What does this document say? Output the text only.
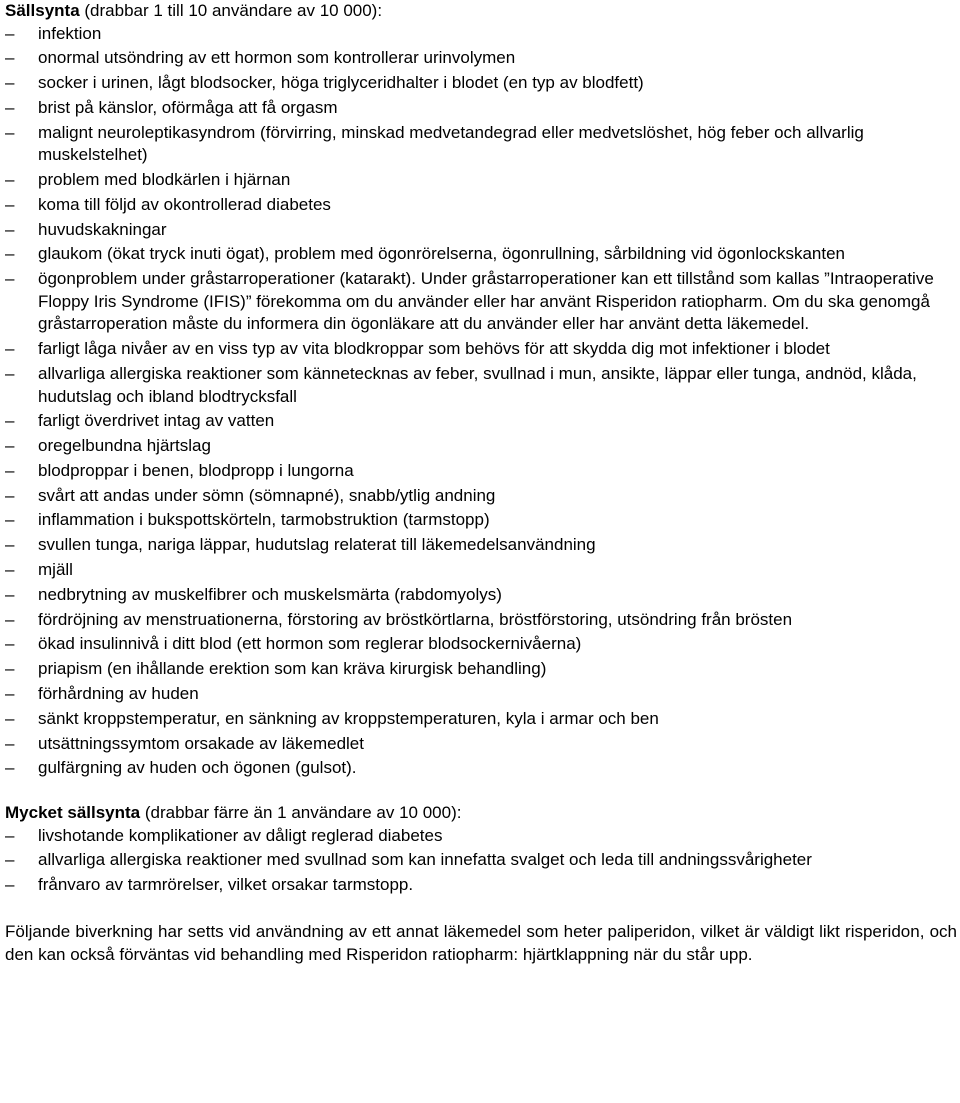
Sällsynta (drabbar 1 till 10 användare av 10 000):

–	infektion
–	onormal utsöndring av ett hormon som kontrollerar urinvolymen
–	socker i urinen, lågt blodsocker, höga triglyceridhalter i blodet (en typ av blodfett)
–	brist på känslor, oförmåga att få orgasm
–	malignt neuroleptikasyndrom (förvirring, minskad medvetandegrad eller medvetslöshet, hög feber och allvarlig muskelstelhet)
–	problem med blodkärlen i hjärnan
–	koma till följd av okontrollerad diabetes
–	huvudskakningar
–	glaukom (ökat tryck inuti ögat), problem med ögonrörelserna, ögonrullning, sårbildning vid ögonlockskanten
–	ögonproblem under gråstarroperationer (katarakt). Under gråstarroperationer kan ett tillstånd som kallas ”Intraoperative Floppy Iris Syndrome (IFIS)” förekomma om du använder eller har använt Risperidon ratiopharm. Om du ska genomgå gråstarroperation måste du informera din ögonläkare att du använder eller har använt detta läkemedel.
–	farligt låga nivåer av en viss typ av vita blodkroppar som behövs för att skydda dig mot infektioner i blodet
–	allvarliga allergiska reaktioner som kännetecknas av feber, svullnad i mun, ansikte, läppar eller tunga, andnöd, klåda, hudutslag och ibland blodtrycksfall
–	farligt överdrivet intag av vatten
–	oregelbundna hjärtslag
–	blodproppar i benen, blodpropp i lungorna
–	svårt att andas under sömn (sömnapné), snabb/ytlig andning
–	inflammation i bukspottskörteln, tarmobstruktion (tarmstopp)
–	svullen tunga, nariga läppar, hudutslag relaterat till läkemedelsanvändning
–	mjäll
–	nedbrytning av muskelfibrer och muskelsmärta (rabdomyolys)
–	fördröjning av menstruationerna, förstoring av bröstkörtlarna, bröstförstoring, utsöndring från brösten
–	ökad insulinnivå i ditt blod (ett hormon som reglerar blodsockernivåerna)
–	priapism (en ihållande erektion som kan kräva kirurgisk behandling)
–	förhårdning av huden
–	sänkt kroppstemperatur, en sänkning av kroppstemperaturen, kyla i armar och ben
–	utsättningssymtom orsakade av läkemedlet
–	gulfärgning av huden och ögonen (gulsot).

Mycket sällsynta (drabbar färre än 1 användare av 10 000):

–	livshotande komplikationer av dåligt reglerad diabetes
–	allvarliga allergiska reaktioner med svullnad som kan innefatta svalget och leda till andningssvårigheter
–	frånvaro av tarmrörelser, vilket orsakar tarmstopp.

Följande biverkning har setts vid användning av ett annat läkemedel som heter paliperidon, vilket är väldigt likt risperidon, och den kan också förväntas vid behandling med Risperidon ratiopharm: hjärtklappning när du står upp.
